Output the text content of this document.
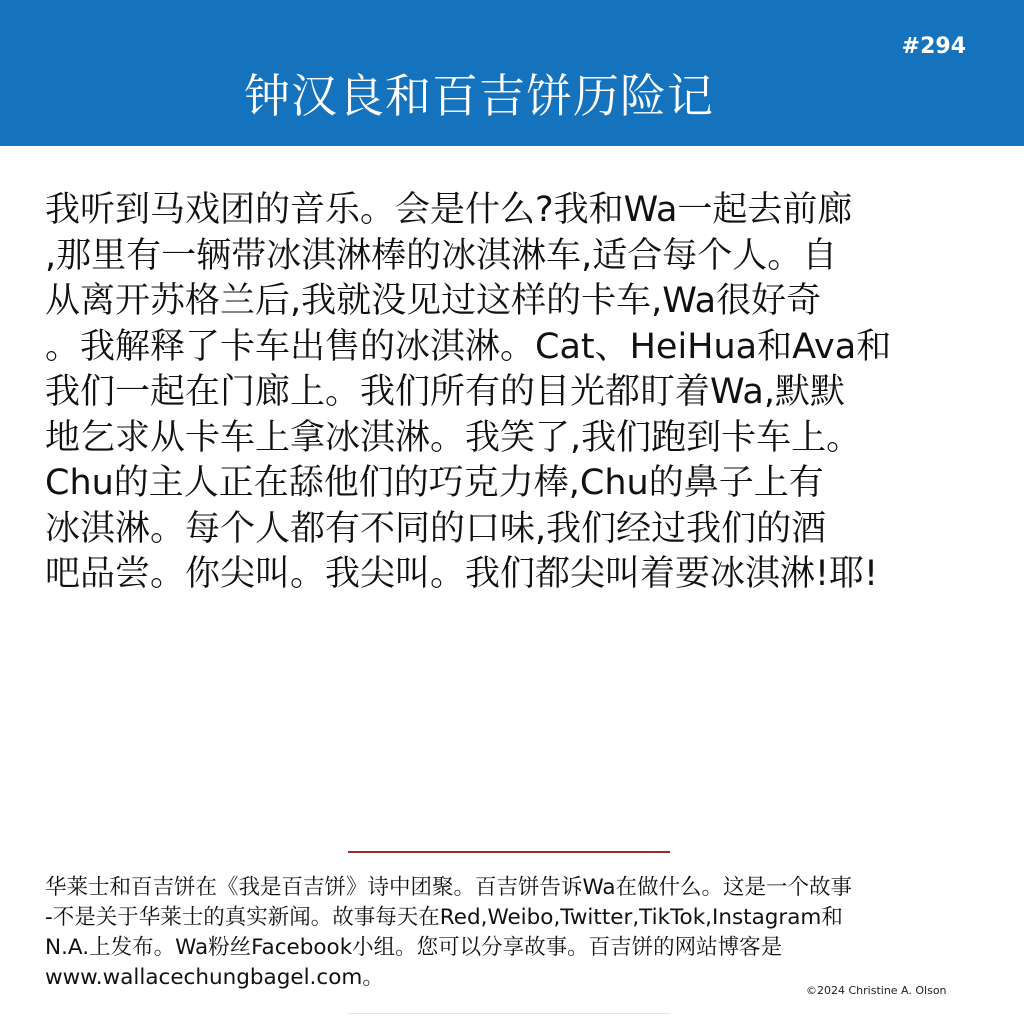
#294
钟汉良和百吉饼历险记
我听到马戏团的音乐。会是什么?我和Wa一起去前廊
,那里有一辆带冰淇淋棒的冰淇淋车,适合每个人。自
从离开苏格兰后,我就没见过这样的卡车,Wa很好奇
。我解释了卡车出售的冰淇淋。Cat、HeiHua和Ava和
我们一起在门廊上。我们所有的目光都盯着Wa,默默
地乞求从卡车上拿冰淇淋。我笑了,我们跑到卡车上。
Chu的主人正在舔他们的巧克力棒,Chu的鼻子上有
冰淇淋。每个人都有不同的口味,我们经过我们的酒
吧品尝。你尖叫。我尖叫。我们都尖叫着要冰淇淋!耶!
华莱士和百吉饼在《我是百吉饼》诗中团聚。百吉饼告诉Wa在做什么。这是一个故事
-不是关于华莱士的真实新闻。故事每天在Red,Weibo,Twitter,TikTok,Instagram和
N.A.上发布。Wa粉丝Facebook小组。您可以分享故事。百吉饼的网站博客是
www.wallacechungbagel.com。
©2024 Christine A. Olson
